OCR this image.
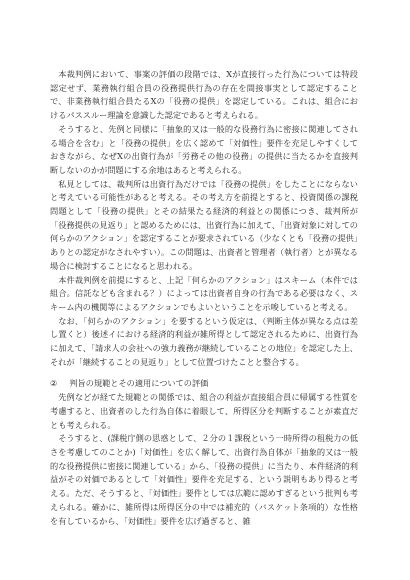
本裁判例において、事案の評価の段階では、Xが直接行った行為については特段認定せず、業務執行組合員の役務提供行為の存在を間接事実として認定することで、非業務執行組合員たるXの「役務の提供」を認定している。これは、組合におけるパススルー理論を意識した認定であると考えられる。

そうすると、先例と同様に「抽象的又は一般的な役務行為に密接に関連してされる場合を含む」と「役務の提供」を広く認めて「対価性」要件を充足しやすくしておきながら、なぜXの出資行為が「労務その他の役務」の提供に当たるかを直接判断しないのかが問題にする余地はあると考えられる。

私見としては、裁判所は出資行為だけでは「役務の提供」をしたことにならないと考えている可能性があると考える。その考え方を前提とすると、投資関係の課税問題として「役務の提供」とその結果たる経済的利益との関係につき、裁判所が「役務提供の見返り」と認めるためには、出資行為に加えて、「出資対象に対しての何らかのアクション」を認定することが要求されている（少なくとも「役務の提供」ありとの認定がなされやすい）。この問題は、出資者と管理者（執行者）とが異なる場合に検討することになると思われる。

本件裁判例を前提にすると、上記「何らかのアクション」はスキーム（本件では組合。信託なども含まれる？）によっては出資者自身の行為である必要はなく、スキーム内の機関等によるアクションでもよいということを示唆していると考える。

なお、「何らかのアクション」を要するという仮定は、（判断主体が異なる点は差し置くと）後述イにおける経済的利益が雑所得として認定されるために、出資行為に加えて、「請求人の会社への強力義務が継続していることの地位」を認定した上、それが「継続することの見返り」として位置づけたことと整合する。

② 判旨の規範とその適用についての評価

先例などが経てた規範との関係では、組合の利益が直接組合員に帰属する性質を考慮すると、出資者のした行為自体に着眼して、所得区分を判断することが素直だとも考えられる。

そうすると、(課税庁側の思惑として、２分の１課税という一時所得の租税力の低さを考慮してのことか)「対価性」を広く解して、出資行為自体が「抽象的又は一般的な役務提供に密接に関連している」から、「役務の提供」に当たり、本件経済的利益がその対価であるとして「対価性」要件を充足する、という説明もあり得ると考える。ただ、そうすると、「対価性」要件としては広範に認めすぎるという批判も考えられる。確かに、雑所得は所得区分の中では補充的（バスケット条項的）な性格を有しているから、「対価性」要件を広げ過ぎると、雑
